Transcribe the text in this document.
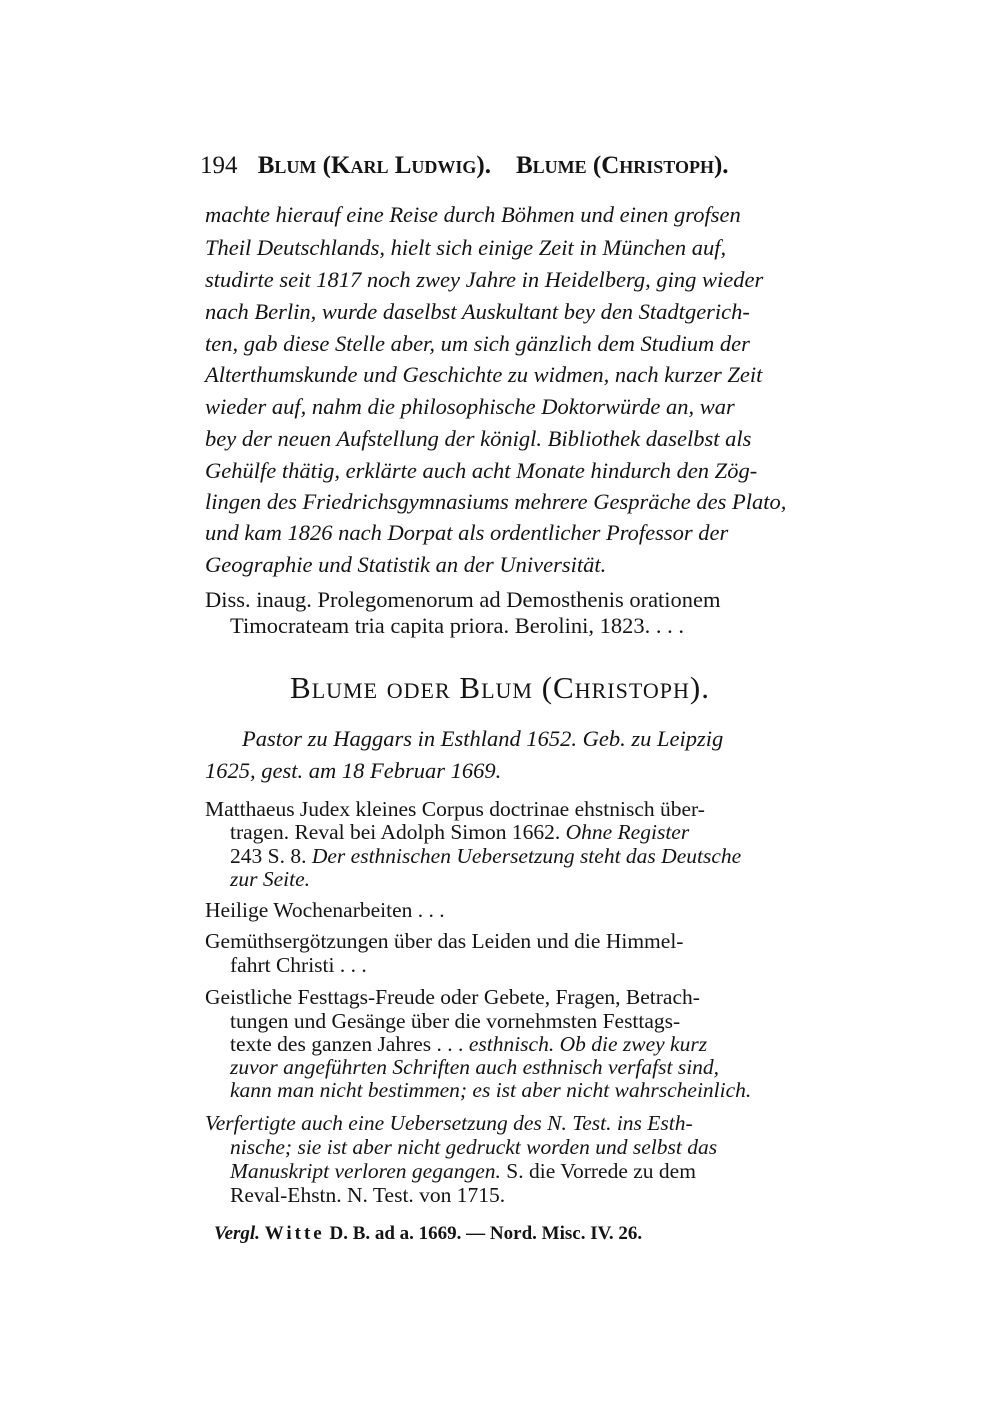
194 Blum (Karl Ludwig). Blume (Christoph).
machte hierauf eine Reise durch Böhmen und einen grofsen
Theil Deutschlands, hielt sich einige Zeit in München auf,
studirte seit 1817 noch zwey Jahre in Heidelberg, ging wieder
nach Berlin, wurde daselbst Auskultant bey den Stadtgerich-
ten, gab diese Stelle aber, um sich gänzlich dem Studium der
Alterthumskunde und Geschichte zu widmen, nach kurzer Zeit
wieder auf, nahm die philosophische Doktorwürde an, war
bey der neuen Aufstellung der königl. Bibliothek daselbst als
Gehülfe thätig, erklärte auch acht Monate hindurch den Zög-
lingen des Friedrichsgymnasiums mehrere Gespräche des Plato,
und kam 1826 nach Dorpat als ordentlicher Professor der
Geographie und Statistik an der Universität.
Diss. inaug. Prolegomenorum ad Demosthenis orationem
Timocrateam tria capita priora. Berolini, 1823. . . .
Blume oder Blum (Christoph).
Pastor zu Haggars in Esthland 1652. Geb. zu Leipzig
1625, gest. am 18 Februar 1669.
Matthaeus Judex kleines Corpus doctrinae ehstnisch über-
tragen. Reval bei Adolph Simon 1662. Ohne Register
243 S. 8. Der esthnischen Uebersetzung steht das Deutsche
zur Seite.
Heilige Wochenarbeiten . . .
Gemüthsergötzungen über das Leiden und die Himmel-
fahrt Christi . . .
Geistliche Festtags-Freude oder Gebete, Fragen, Betrach-
tungen und Gesänge über die vornehmsten Festtags-
texte des ganzen Jahres . . . esthnisch. Ob die zwey kurz
zuvor angeführten Schriften auch esthnisch verfafst sind,
kann man nicht bestimmen; es ist aber nicht wahrscheinlich.
Verfertigte auch eine Uebersetzung des N. Test. ins Esth-
nische; sie ist aber nicht gedruckt worden und selbst das
Manuskript verloren gegangen. S. die Vorrede zu dem
Reval-Ehstn. N. Test. von 1715.
Vergl. Witte D. B. ad a. 1669. — Nord. Misc. IV. 26.
